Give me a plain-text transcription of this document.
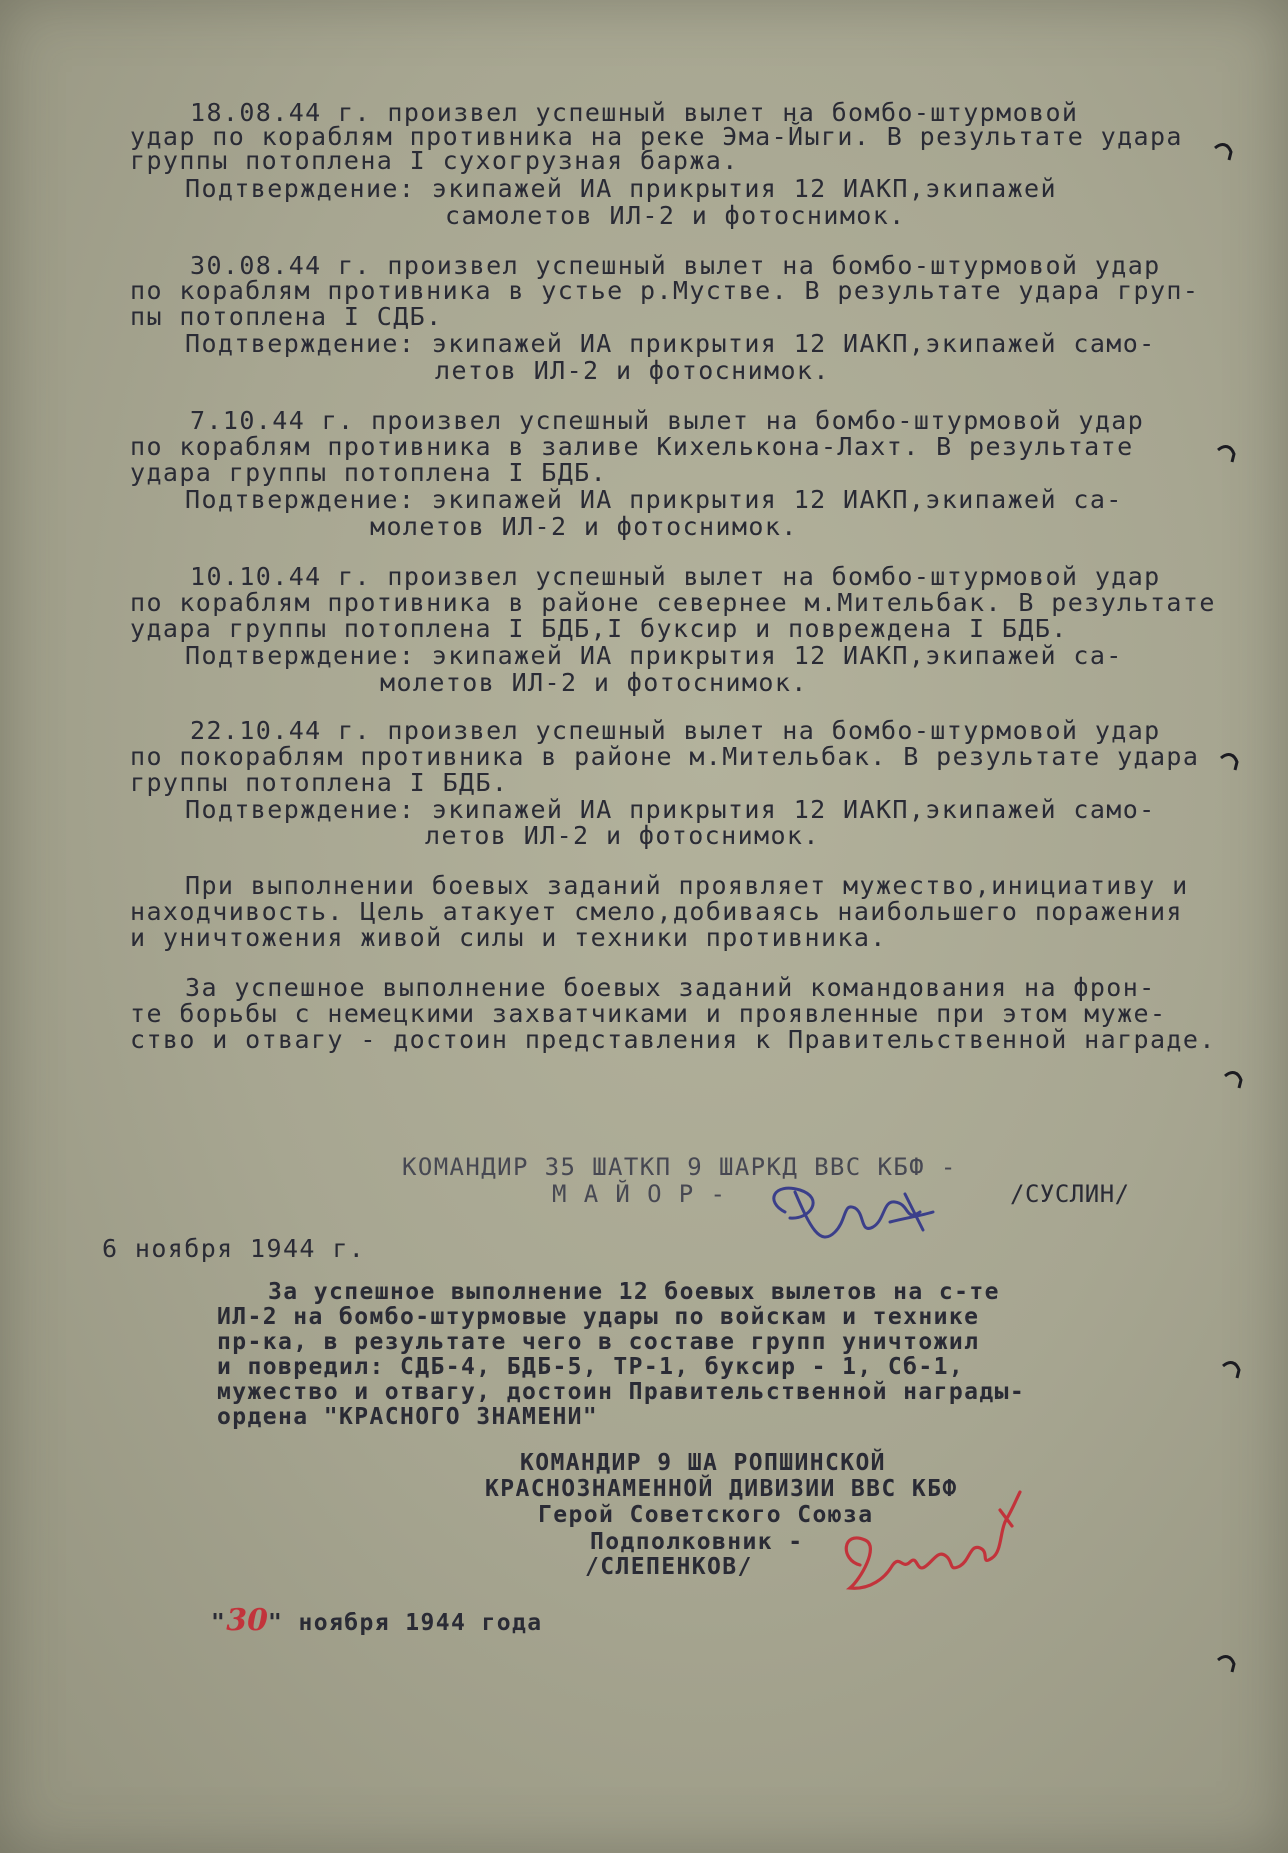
18.08.44 г. произвел успешный вылет на бомбо-штурмовой
удар по кораблям противника на реке Эма-Йыги. В результате удара
группы потоплена I сухогрузная баржа.
Подтверждение: экипажей ИА прикрытия 12 ИАКП,экипажей
самолетов ИЛ-2 и фотоснимок.
30.08.44 г. произвел успешный вылет на бомбо-штурмовой удар
по кораблям противника в устье р.Мустве. В результате удара груп-
пы потоплена I СДБ.
Подтверждение: экипажей ИА прикрытия 12 ИАКП,экипажей само-
летов ИЛ-2 и фотоснимок.
7.10.44 г. произвел успешный вылет на бомбо-штурмовой удар
по кораблям противника в заливе Кихелькона-Лахт. В результате
удара группы потоплена I БДБ.
Подтверждение: экипажей ИА прикрытия 12 ИАКП,экипажей са-
молетов ИЛ-2 и фотоснимок.
10.10.44 г. произвел успешный вылет на бомбо-штурмовой удар
по кораблям противника в районе севернее м.Мительбак. В результате
удара группы потоплена I БДБ,I буксир и повреждена I БДБ.
Подтверждение: экипажей ИА прикрытия 12 ИАКП,экипажей са-
молетов ИЛ-2 и фотоснимок.
22.10.44 г. произвел успешный вылет на бомбо-штурмовой удар
по покораблям противника в районе м.Мительбак. В результате удара
группы потоплена I БДБ.
Подтверждение: экипажей ИА прикрытия 12 ИАКП,экипажей само-
летов ИЛ-2 и фотоснимок.
При выполнении боевых заданий проявляет мужество,инициативу и
находчивость. Цель атакует смело,добиваясь наибольшего поражения
и уничтожения живой силы и техники противника.
За успешное выполнение боевых заданий командования на фрон-
те борьбы с немецкими захватчиками и проявленные при этом муже-
ство и отвагу - достоин представления к Правительственной награде.
КОМАНДИР 35 ШАТКП 9 ШАРКД ВВС КБФ -
М А Й О Р -	/СУСЛИН/
6 ноября 1944 г.
За успешное выполнение 12 боевых вылетов на с-те
ИЛ-2 на бомбо-штурмовые удары по войскам и технике
пр-ка, в результате чего в составе групп уничтожил
и повредил: СДБ-4, БДБ-5, ТР-1, буксир - 1, Сб-1,
мужество и отвагу, достоин Правительственной награды-
ордена "КРАСНОГО ЗНАМЕНИ"
КОМАНДИР 9 ША РОПШИНСКОЙ
КРАСНОЗНАМЕННОЙ ДИВИЗИИ ВВС КБФ
Герой Советского Союза
Подполковник -
/СЛЕПЕНКОВ/

"30" ноября 1944 года
